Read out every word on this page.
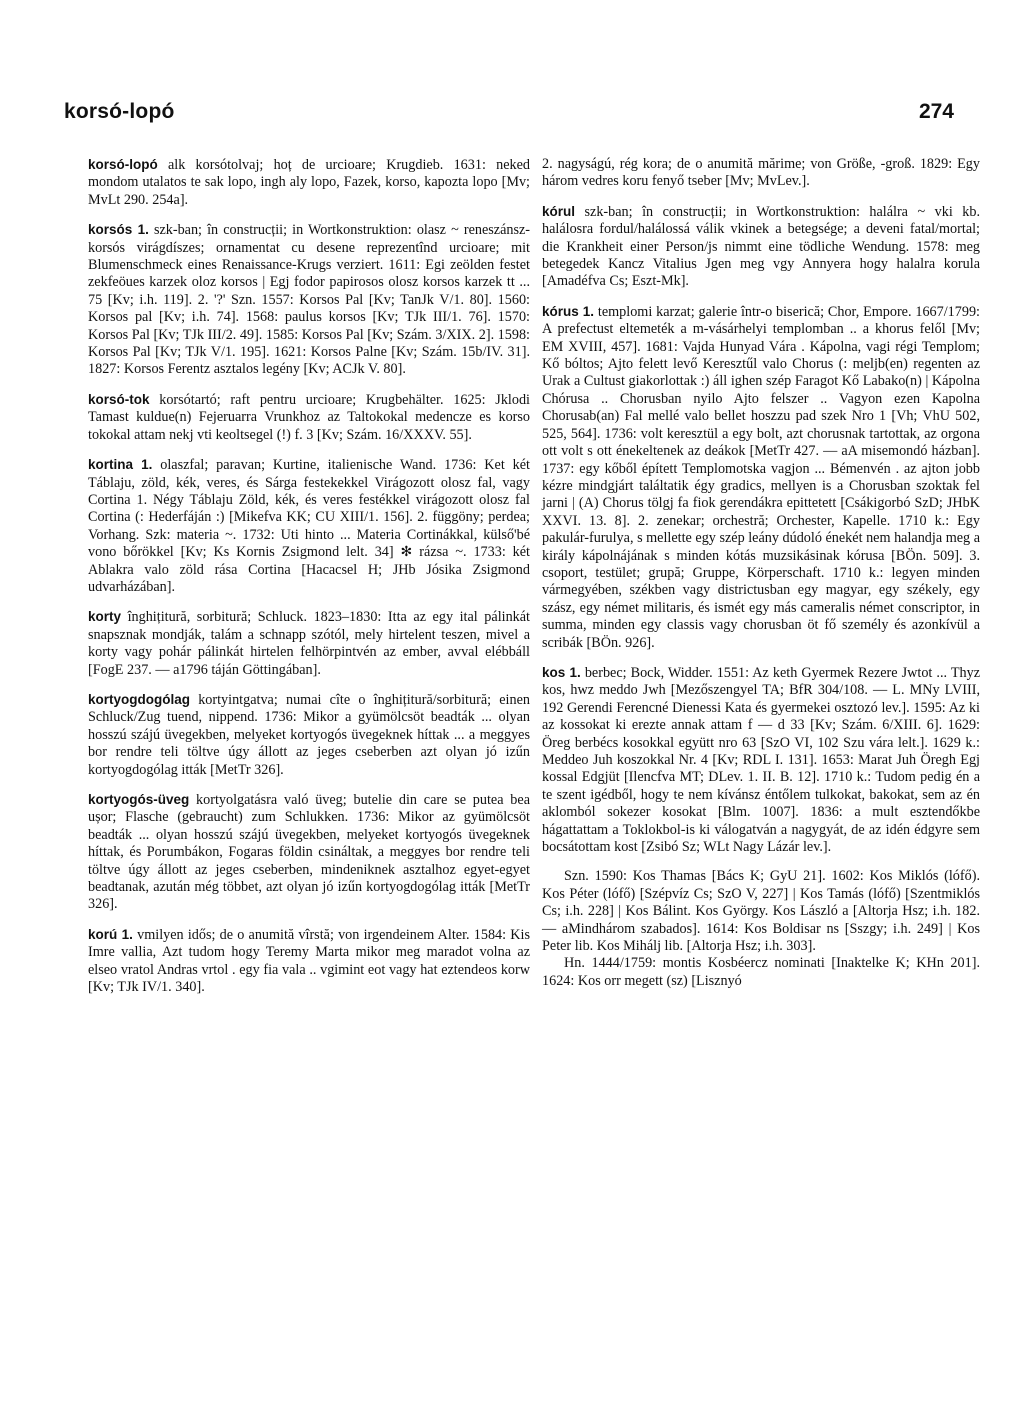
korsó-lopó	274

korsó-lopó alk korsótolvaj; hoț de urcioare; Krugdieb. 1631: neked mondom utalatos te sak lopo, ingh aly lopo, Fazek, korso, kapozta lopo [Mv; MvLt 290. 254a].

korsós 1. szk-ban; în construcții; in Wortkonstruktion: olasz ~ reneszánsz-korsós virágdíszes; ornamentat cu desene reprezentînd urcioare; mit Blumenschmeck eines Renaissance-Krugs verziert. 1611: Egi zeölden festet zekfeöues karzek oloz korsos | Egj fodor papirosos olosz korsos karzek tt ... 75 [Kv; i.h. 119]. 2. '?' Szn. 1557: Korsos Pal [Kv; TanJk V/1. 80]. 1560: Korsos pal [Kv; i.h. 74]. 1568: paulus korsos [Kv; TJk III/1. 76]. 1570: Korsos Pal [Kv; TJk III/2. 49]. 1585: Korsos Pal [Kv; Szám. 3/XIX. 2]. 1598: Korsos Pal [Kv; TJk V/1. 195]. 1621: Korsos Palne [Kv; Szám. 15b/IV. 31]. 1827: Korsos Ferentz asztalos legény [Kv; ACJk V. 80].

korsó-tok korsótartó; raft pentru urcioare; Krugbehälter. 1625: Jklodi Tamast kuldue(n) Fejeruarra Vrunkhoz az Taltokokal medencze es korso tokokal attam nekj vti keoltsegel (!) f. 3 [Kv; Szám. 16/XXXV. 55].

kortina 1. olaszfal; paravan; Kurtine, italienische Wand. 1736: Ket két Táblaju, zöld, kék, veres, és Sárga festekekkel Virágozott olosz fal, vagy Cortina 1. Négy Táblaju Zöld, kék, és veres festékkel virágozott olosz fal Cortina (: Hederfáján :) [Mikefva KK; CU XIII/1. 156]. 2. függöny; perdea; Vorhang. Szk: materia ~. 1732: Uti hinto ... Materia Cortinákkal, külső'bé vono bőrökkel [Kv; Ks Kornis Zsigmond lelt. 34] ✻ rázsa ~. 1733: két Ablakra valo zöld rása Cortina [Hacacsel H; JHb Jósika Zsigmond udvarházában].

korty înghițitură, sorbitură; Schluck. 1823–1830: Itta az egy ital pálinkát snapsznak mondják, talám a schnapp szótól, mely hirtelent teszen, mivel a korty vagy pohár pálinkát hirtelen felhörpintvén az ember, avval elébbáll [FogE 237. — a1796 táján Göttingában].

kortyogdogólag kortyintgatva; numai cîte o înghițitură/sorbitură; einen Schluck/Zug tuend, nippend. 1736: Mikor a gyümölcsöt beadták ... olyan hosszú szájú üvegekben, melyeket kortyogós üvegeknek híttak ... a meggyes bor rendre teli töltve úgy állott az jeges cseberben azt olyan jó izűn kortyogdogólag itták [MetTr 326].

kortyogós-üveg kortyolgatásra való üveg; butelie din care se putea bea ușor; Flasche (gebraucht) zum Schlukken. 1736: Mikor az gyümölcsöt beadták ... olyan hosszú szájú üvegekben, melyeket kortyogós üvegeknek híttak, és Porumbákon, Fogaras földin csináltak, a meggyes bor rendre teli töltve úgy állott az jeges cseberben, mindeniknek asztalhoz egyet-egyet beadtanak, azután még többet, azt olyan jó izűn kortyogdogólag itták [MetTr 326].

korú 1. vmilyen idős; de o anumită vîrstă; von irgendeinem Alter. 1584: Kis Imre vallia, Azt tudom hogy Teremy Marta mikor meg maradot volna az elseo vratol Andras vrtol . egy fia vala .. vgimint eot vagy hat eztendeos korw [Kv; TJk IV/1. 340].

2. nagyságú, rég kora; de o anumită mărime; von Größe, -groß. 1829: Egy három vedres koru fenyő tseber [Mv; MvLev.].

kórul szk-ban; în construcții; in Wortkonstruktion: halálra ~ vki kb. halálosra fordul/halálossá válik vkinek a betegsége; a deveni fatal/mortal; die Krankheit einer Person/js nimmt eine tödliche Wendung. 1578: meg betegedek Kancz Vitalius Jgen meg vgy Annyera hogy halalra korula [Amadéfva Cs; Eszt-Mk].

kórus 1. templomi karzat; galerie într-o biserică; Chor, Empore. 1667/1799: A prefectust eltemeték a m-vásárhelyi templomban .. a khorus felől [Mv; EM XVIII, 457]. 1681: Vajda Hunyad Vára . Kápolna, vagi régi Templom; Kő bóltos; Ajto felett levő Keresztűl valo Chorus (: meljb(en) regenten az Urak a Cultust giakorlottak :) áll ighen szép Faragot Kő Labako(n) | Kápolna Chórusa .. Chorusban nyilo Ajto felszer .. Vagyon ezen Kapolna Chorusab(an) Fal mellé valo bellet hoszzu pad szek Nro 1 [Vh; VhU 502, 525, 564]. 1736: volt keresztül a egy bolt, azt chorusnak tartottak, az orgona ott volt s ott énekeltenek az deákok [MetTr 427. — aA misemondó házban]. 1737: egy kőből épített Templomotska vagjon ... Bémenvén . az ajton jobb kézre mindgjárt találtatik égy gradics, mellyen is a Chorusban szoktak fel jarni | (A) Chorus tölgj fa fiok gerendákra epittetett [Csákigorbó SzD; JHbK XXVI. 13. 8]. 2. zenekar; orchestră; Orchester, Kapelle. 1710 k.: Egy pakulár-furulya, s mellette egy szép leány dúdoló énekét nem halandja meg a király kápolnájának s minden kótás muzsikásinak kórusa [BÖn. 509]. 3. csoport, testület; grupă; Gruppe, Körperschaft. 1710 k.: legyen minden vármegyében, székben vagy districtusban egy magyar, egy székely, egy szász, egy német militaris, és ismét egy más cameralis német conscriptor, in summa, minden egy classis vagy chorusban öt fő személy és azonkívül a scribák [BÖn. 926].

kos 1. berbec; Bock, Widder. 1551: Az keth Gyermek Rezere Jwtot ... Thyz kos, hwz meddo Jwh [Mezőszengyel TA; BfR 304/108. — L. MNy LVIII, 192 Gerendi Ferencné Dienessi Kata és gyermekei osztozó lev.]. 1595: Az ki az kossokat ki erezte annak attam f — d 33 [Kv; Szám. 6/XIII. 6]. 1629: Öreg berbécs kosokkal együtt nro 63 [SzO VI, 102 Szu vára lelt.]. 1629 k.: Meddeo Juh koszokkal Nr. 4 [Kv; RDL I. 131]. 1653: Marat Juh Öregh Egj kossal Edgjüt [Ilencfva MT; DLev. 1. II. B. 12]. 1710 k.: Tudom pedig én a te szent igédből, hogy te nem kívánsz éntőlem tulkokat, bakokat, sem az én aklomból sokezer kosokat [Blm. 1007]. 1836: a mult esztendőkbe hágattattam a Toklokbol-is ki válogatván a nagygyát, de az idén édgyre sem bocsátottam kost [Zsibó Sz; WLt Nagy Lázár lev.].

Szn. 1590: Kos Thamas [Bács K; GyU 21]. 1602: Kos Miklós (lófő). Kos Péter (lófő) [Szépvíz Cs; SzO V, 227] | Kos Tamás (lófő) [Szentmiklós Cs; i.h. 228] | Kos Bálint. Kos György. Kos László a [Altorja Hsz; i.h. 182. — aMindhárom szabados]. 1614: Kos Boldisar ns [Sszgy; i.h. 249] | Kos Peter lib. Kos Mihálj lib. [Altorja Hsz; i.h. 303].

Hn. 1444/1759: montis Kosbéercz nominati [Inaktelke K; KHn 201]. 1624: Kos orr megett (sz) [Lisznyó
